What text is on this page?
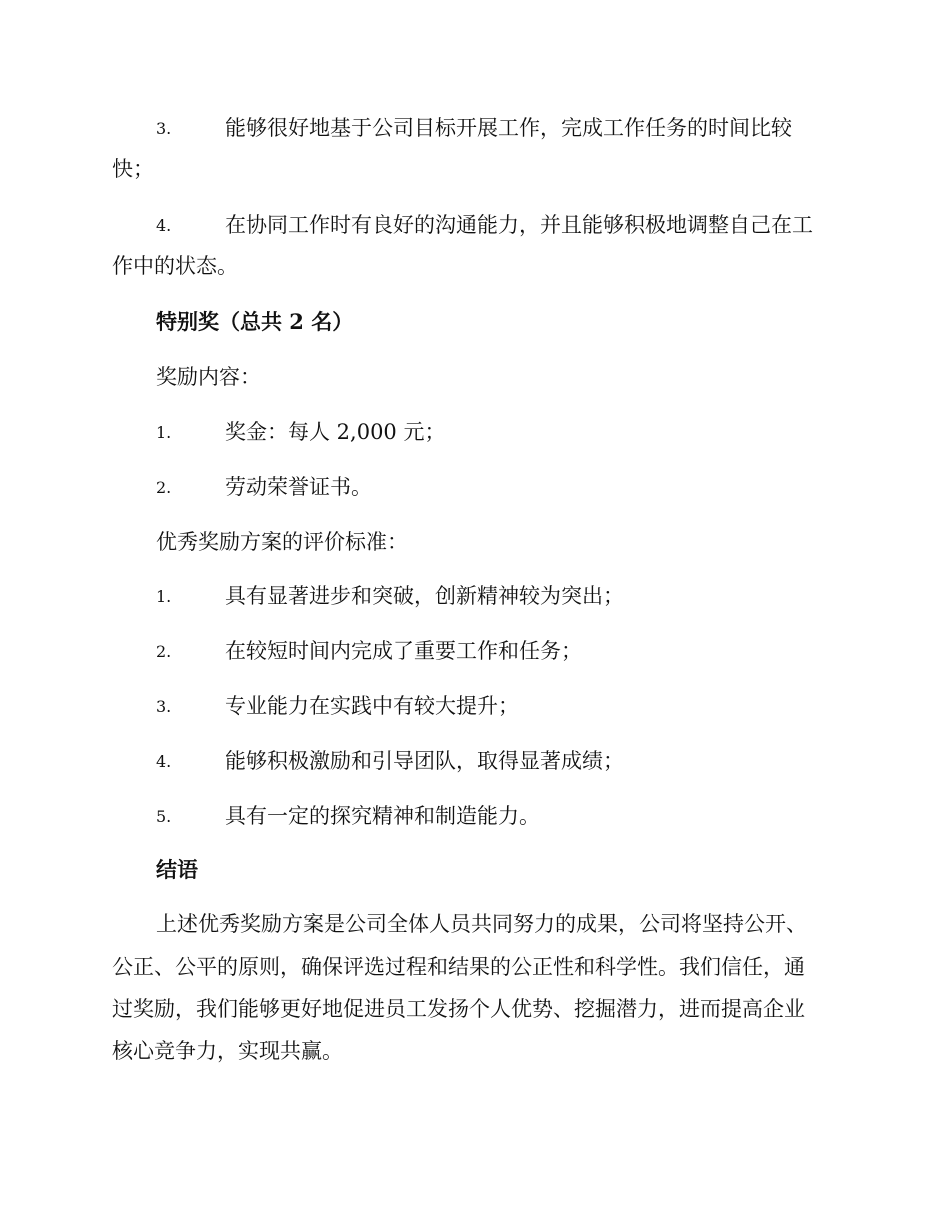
3.	能够很好地基于公司目标开展工作，完成工作任务的时间比较
快；
4.	在协同工作时有良好的沟通能力，并且能够积极地调整自己在工
作中的状态。
特别奖（总共 2 名）
奖励内容：
1.	奖金：每人 2,000 元；
2.	劳动荣誉证书。
优秀奖励方案的评价标准：
1.	具有显著进步和突破，创新精神较为突出；
2.	在较短时间内完成了重要工作和任务；
3.	专业能力在实践中有较大提升；
4.	能够积极激励和引导团队，取得显著成绩；
5.	具有一定的探究精神和制造能力。
结语
上述优秀奖励方案是公司全体人员共同努力的成果，公司将坚持公开、
公正、公平的原则，确保评选过程和结果的公正性和科学性。我们信任，通
过奖励，我们能够更好地促进员工发扬个人优势、挖掘潜力，进而提高企业
核心竞争力，实现共赢。
